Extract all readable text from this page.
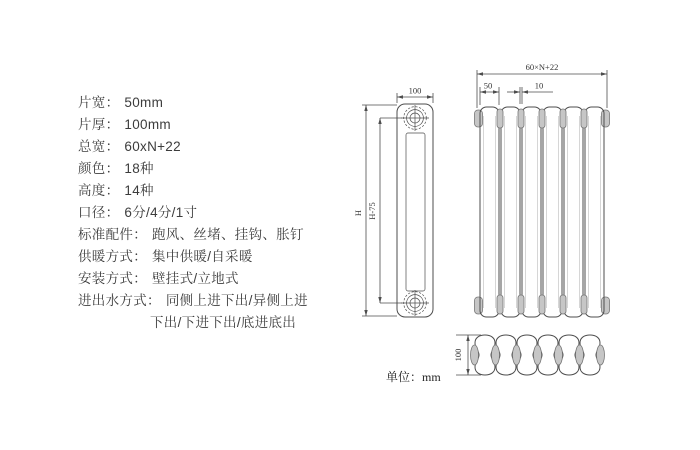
片宽： 50mm
片厚： 100mm
总宽： 60xN+22
颜色： 18种
高度： 14种
口径： 6分/4分/1寸
标准配件： 跑风、丝堵、挂钩、胀钉
供暖方式： 集中供暖/自采暖
安装方式： 壁挂式/立地式
进出水方式： 同侧上进下出/异侧上进
下出/下进下出/底进底出
100
H H-75
60×N+22
50	10
100
单位：mm
